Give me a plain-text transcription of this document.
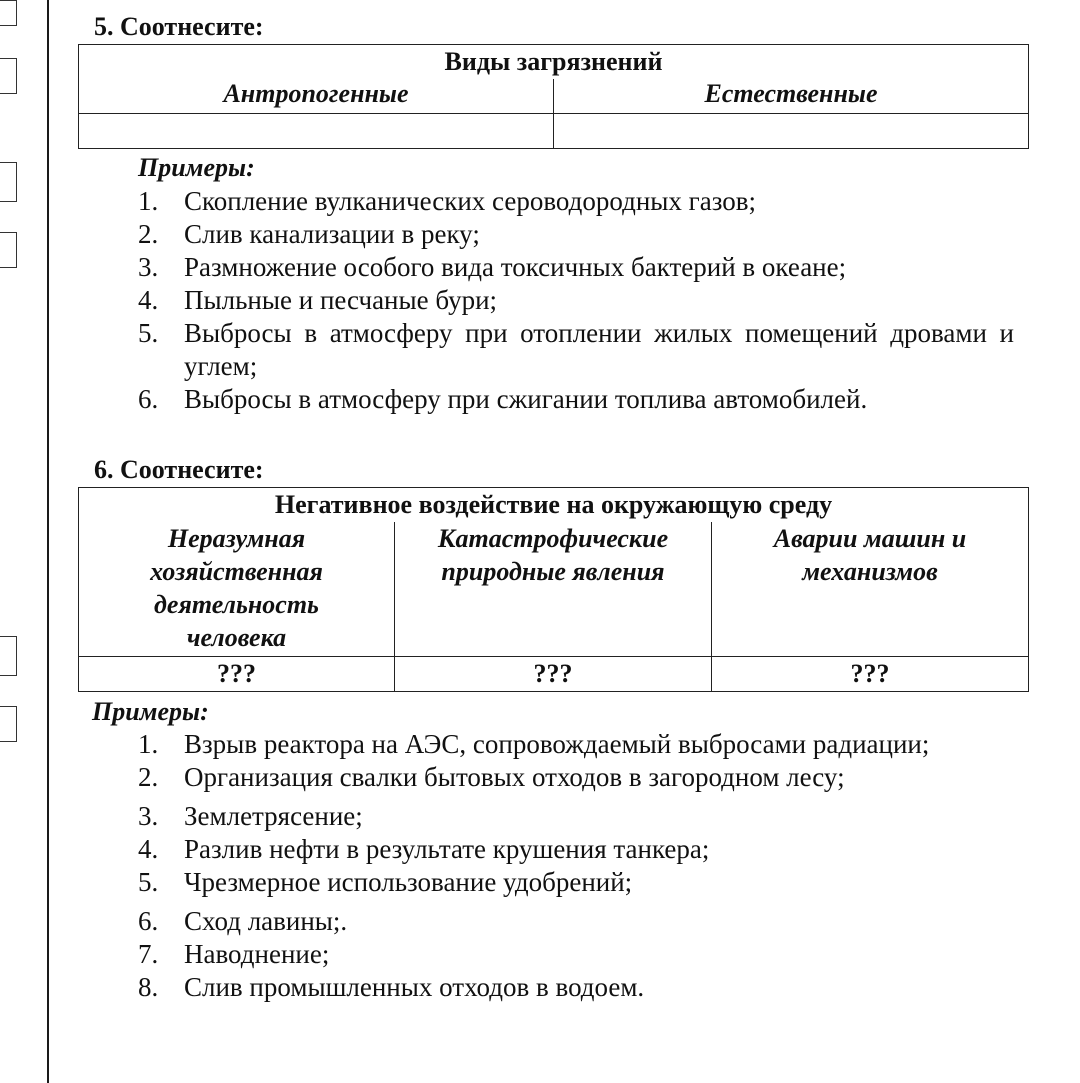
5. Соотнесите:
Виды загрязнений	
Антропогенные	Естественные

Примеры:
1. Скопление вулканических сероводородных газов;
2. Слив канализации в реку;
3. Размножение особого вида токсичных бактерий в океане;
4. Пыльные и песчаные бури;
5. Выбросы в атмосферу при отоплении жилых помещений дровами и углем;
6. Выбросы в атмосферу при сжигании топлива автомобилей.
6. Соотнесите:
Негативное воздействие на окружающую среду		
Неразумная хозяйственная деятельность человека	Катастрофические природные явления	Аварии машин и механизмов
???	???	???
Примеры:
1. Взрыв реактора на АЭС, сопровождаемый выбросами радиации;
2. Организация свалки бытовых отходов в загородном лесу;
3. Землетрясение;
4. Разлив нефти в результате крушения танкера;
5. Чрезмерное использование удобрений;
6. Сход лавины;.
7. Наводнение;
8. Слив промышленных отходов в водоем.
